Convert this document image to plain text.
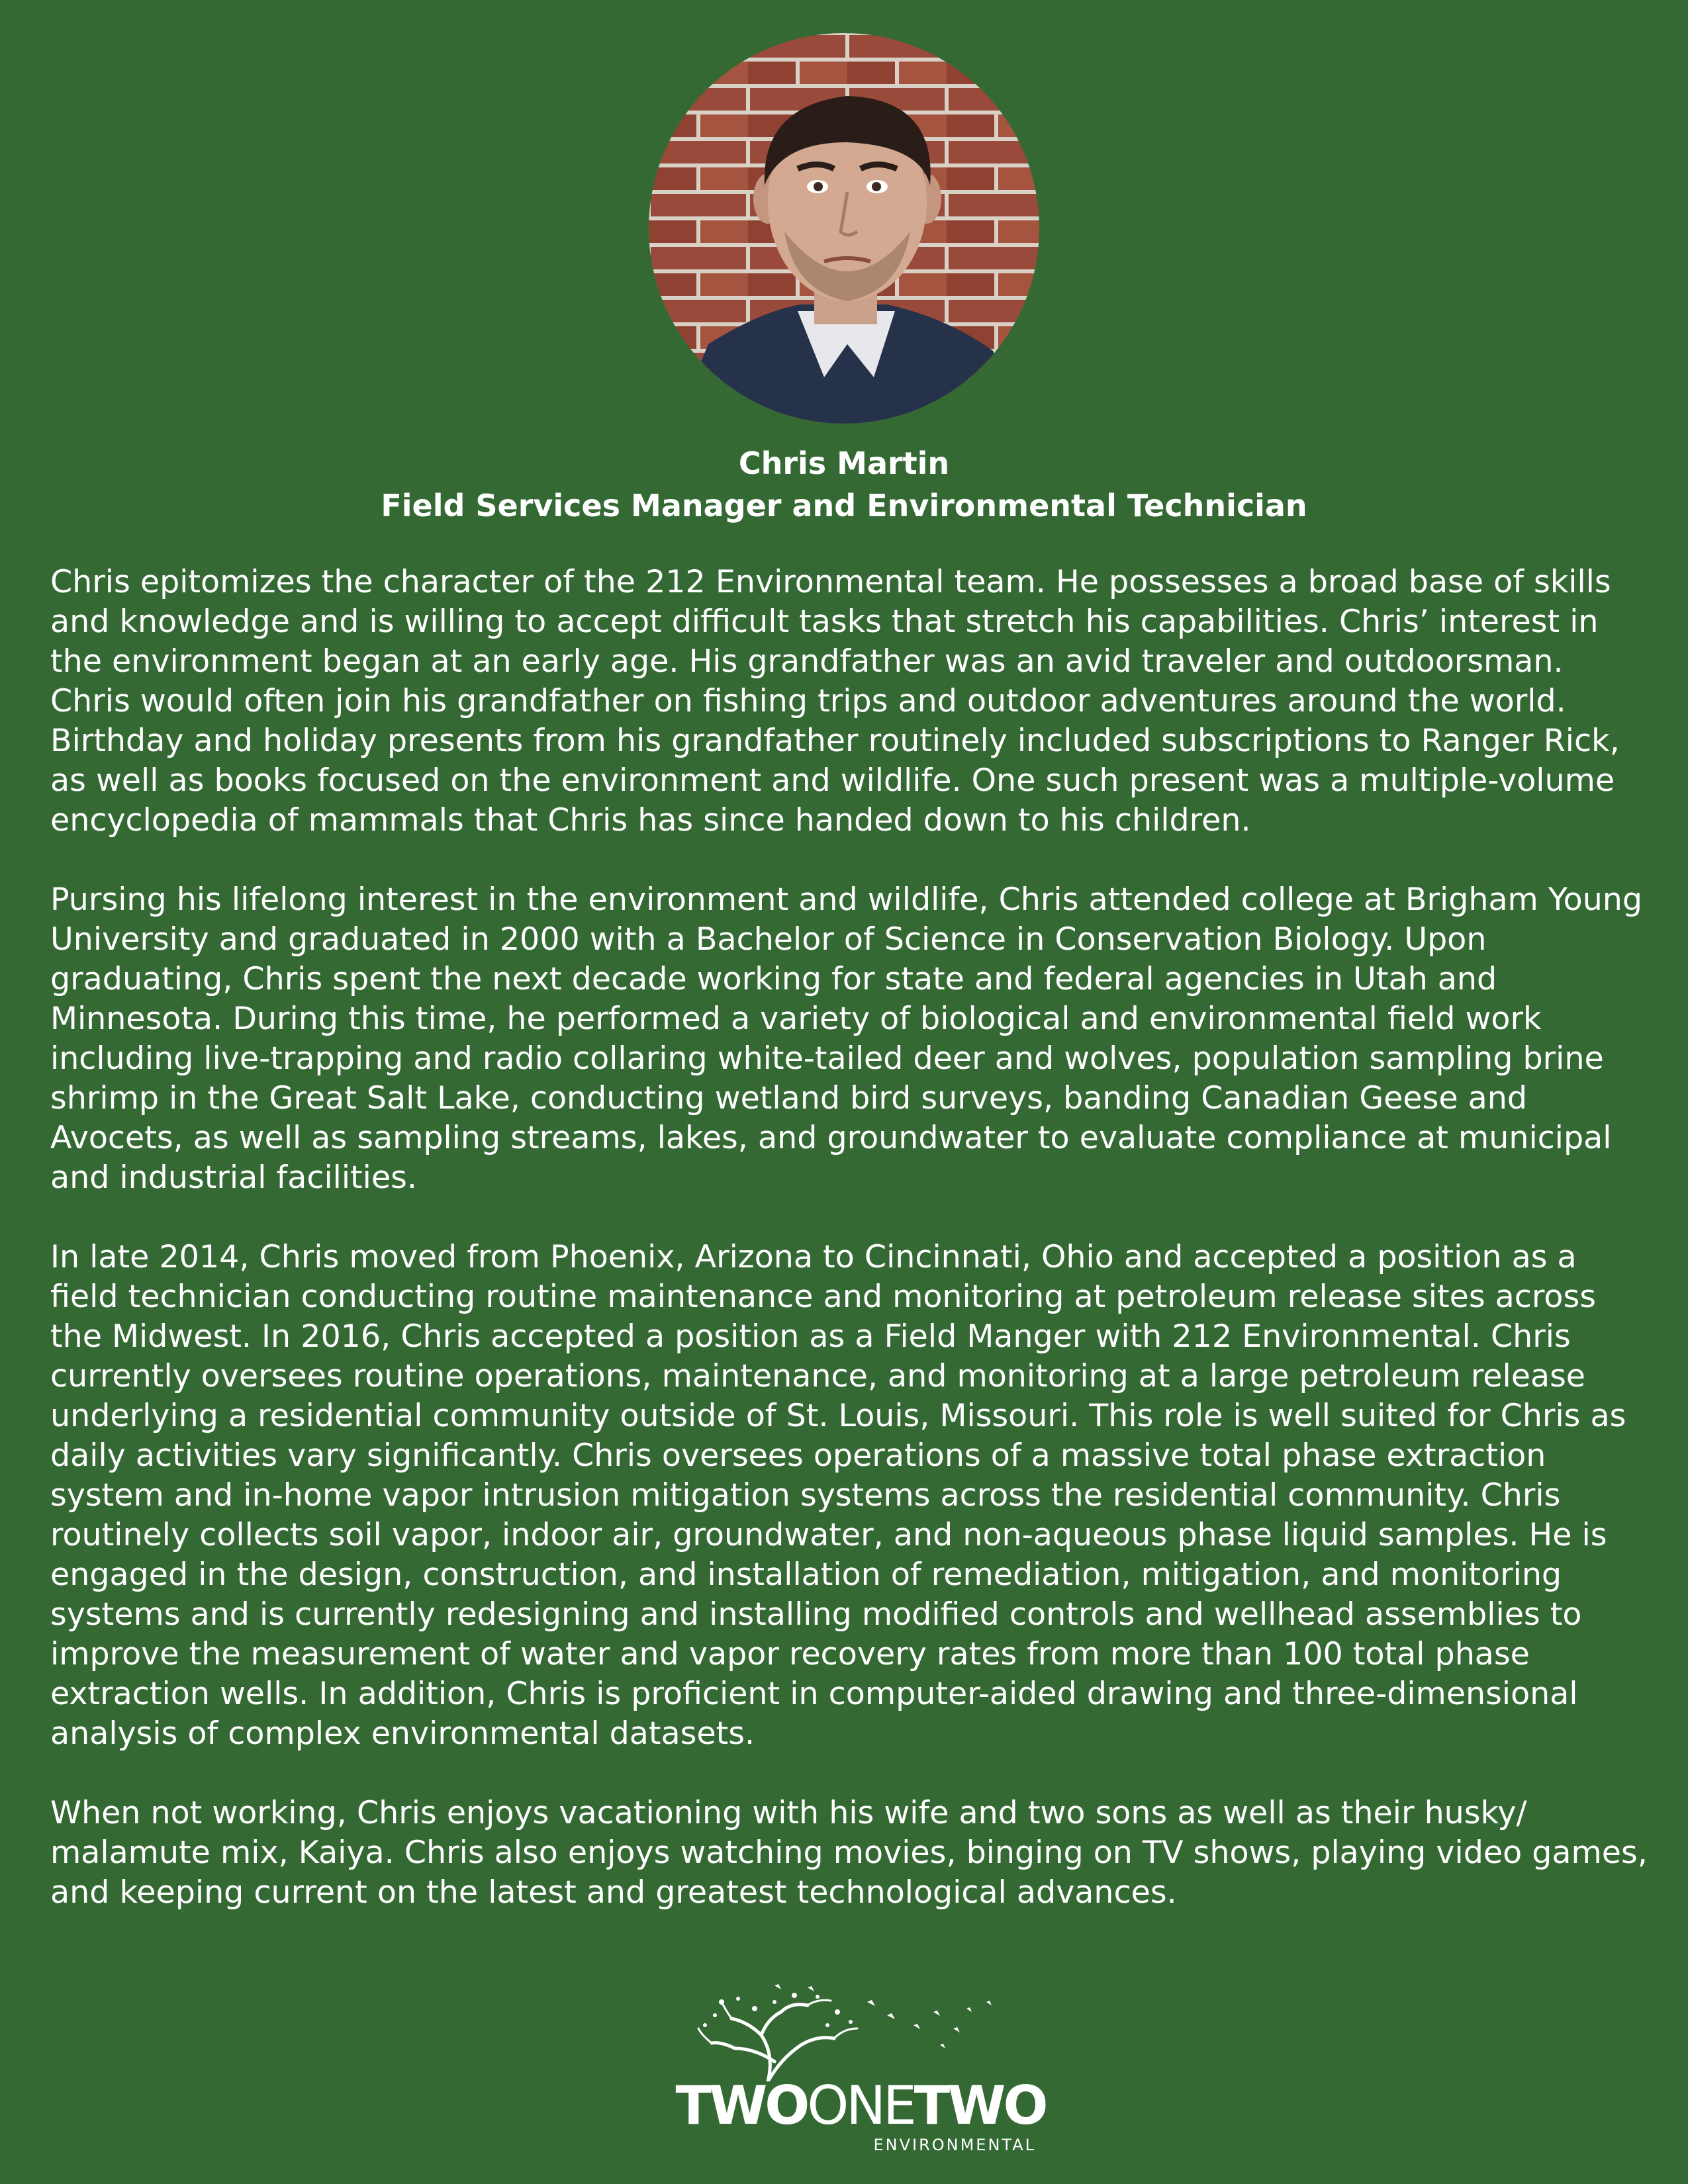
Chris Martin
Field Services Manager and Environmental Technician

Chris epitomizes the character of the 212 Environmental team. He possesses a broad base of skills and knowledge and is willing to accept difficult tasks that stretch his capabilities. Chris’ interest in the environment began at an early age. His grandfather was an avid traveler and outdoorsman. Chris would often join his grandfather on fishing trips and outdoor adventures around the world. Birthday and holiday presents from his grandfather routinely included subscriptions to Ranger Rick, as well as books focused on the environment and wildlife. One such present was a multiple-volume encyclopedia of mammals that Chris has since handed down to his children.

Pursing his lifelong interest in the environment and wildlife, Chris attended college at Brigham Young University and graduated in 2000 with a Bachelor of Science in Conservation Biology. Upon graduating, Chris spent the next decade working for state and federal agencies in Utah and Minnesota. During this time, he performed a variety of biological and environmental field work including live-trapping and radio collaring white-tailed deer and wolves, population sampling brine shrimp in the Great Salt Lake, conducting wetland bird surveys, banding Canadian Geese and Avocets, as well as sampling streams, lakes, and groundwater to evaluate compliance at municipal and industrial facilities.

In late 2014, Chris moved from Phoenix, Arizona to Cincinnati, Ohio and accepted a position as a field technician conducting routine maintenance and monitoring at petroleum release sites across the Midwest. In 2016, Chris accepted a position as a Field Manger with 212 Environmental. Chris currently oversees routine operations, maintenance, and monitoring at a large petroleum release underlying a residential community outside of St. Louis, Missouri. This role is well suited for Chris as daily activities vary significantly. Chris oversees operations of a massive total phase extraction system and in-home vapor intrusion mitigation systems across the residential community. Chris routinely collects soil vapor, indoor air, groundwater, and non-aqueous phase liquid samples. He is engaged in the design, construction, and installation of remediation, mitigation, and monitoring systems and is currently redesigning and installing modified controls and wellhead assemblies to improve the measurement of water and vapor recovery rates from more than 100 total phase extraction wells. In addition, Chris is proficient in computer-aided drawing and three-dimensional analysis of complex environmental datasets.

When not working, Chris enjoys vacationing with his wife and two sons as well as their husky/ malamute mix, Kaiya. Chris also enjoys watching movies, binging on TV shows, playing video games, and keeping current on the latest and greatest technological advances.

TWOONETWO
ENVIRONMENTAL
